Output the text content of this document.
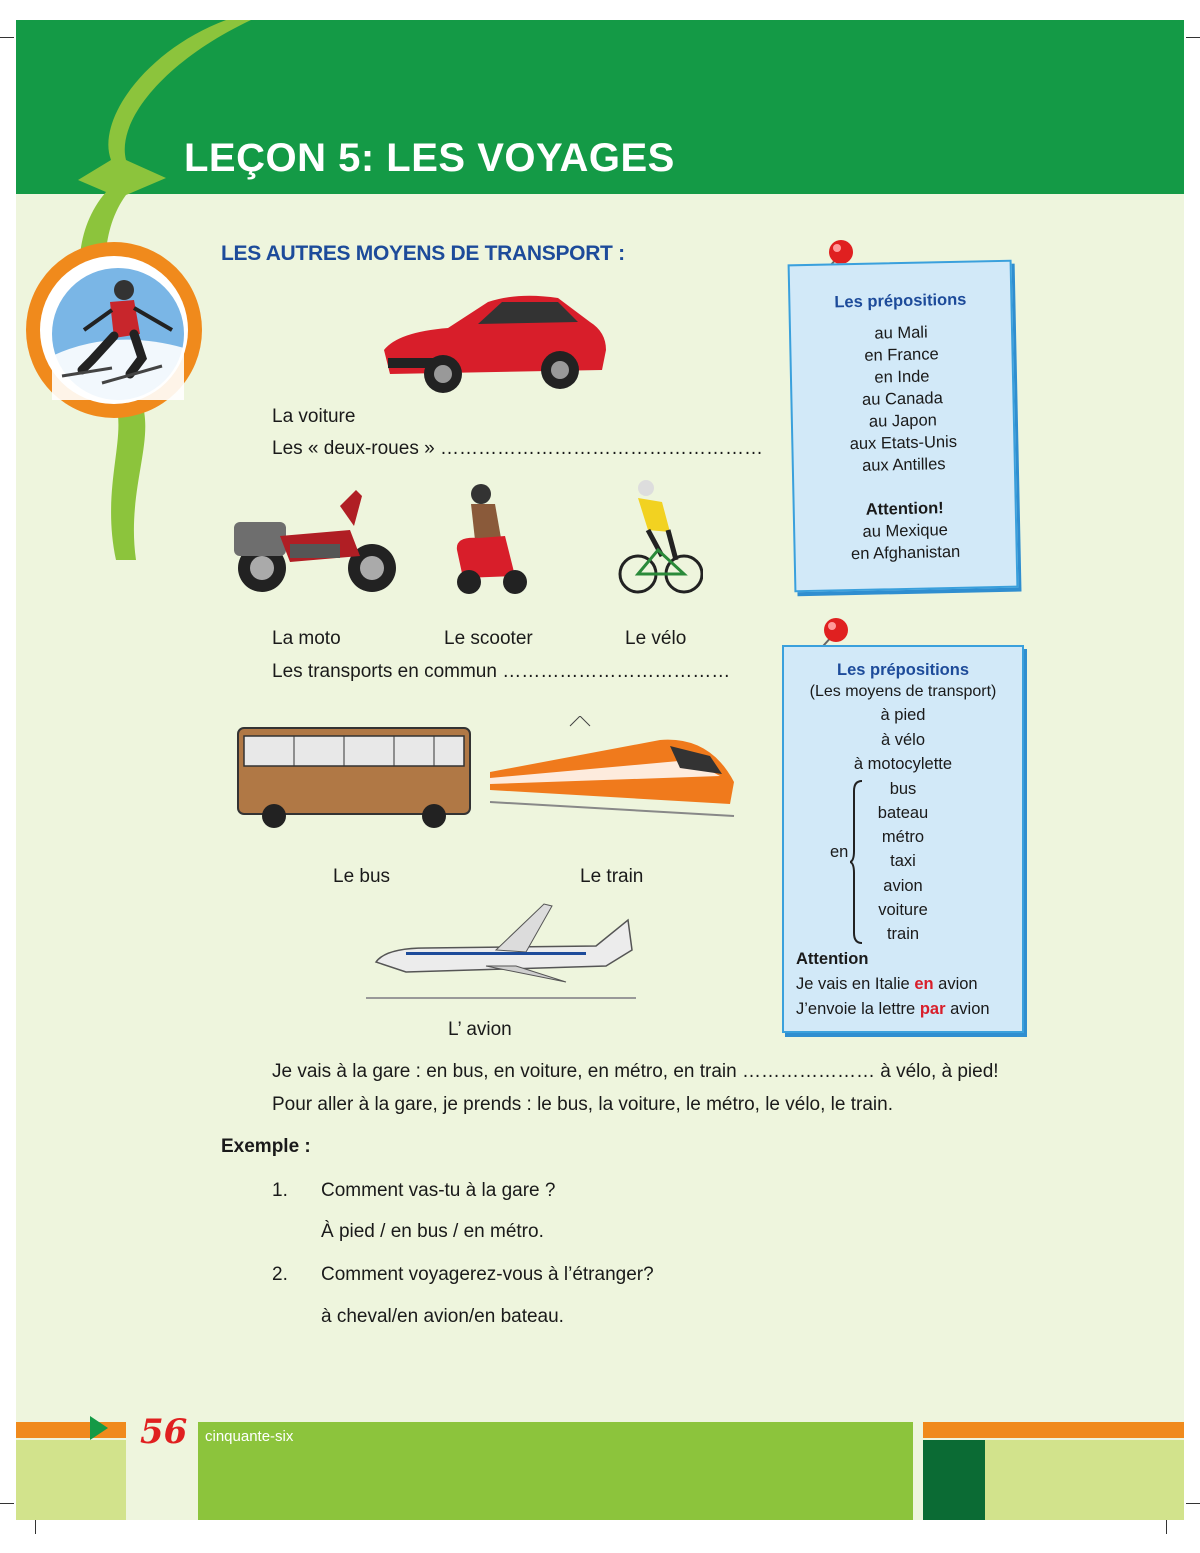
LEÇON 5: LES VOYAGES
LES AUTRES MOYENS DE TRANSPORT :
La voiture
Les « deux-roues » ……………………………………………
La moto	Le scooter	Le vélo
Les transports en commun ………………………………
Le bus	Le train
L’ avion
Les prépositions
au Mali
en France
en Inde
au Canada
au Japon
aux Etats-Unis
aux Antilles
Attention!
au Mexique
en Afghanistan
Les prépositions
(Les moyens de transport)
à pied
à vélo
à motocylette
en
bus
bateau
métro
taxi
avion
voiture
train
Attention
Je vais en Italie en avion
J’envoie la lettre par avion
Je vais à la gare : en bus, en voiture, en métro, en train ………………… à vélo, à pied!
Pour aller à la gare, je prends : le bus, la voiture, le métro, le vélo, le train.
Exemple :
1. Comment vas-tu à la gare ?
À pied / en bus / en métro.
2. Comment voyagerez-vous à l’étranger?
à cheval/en avion/en bateau.
56 cinquante-six
